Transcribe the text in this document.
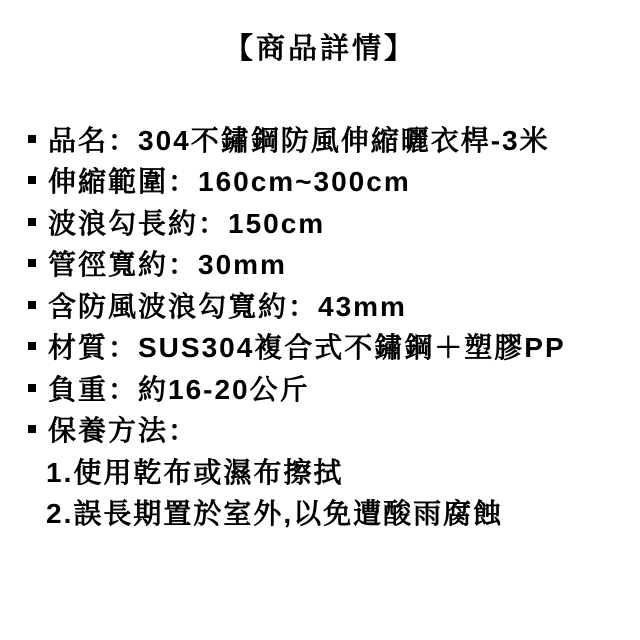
【商品詳情】
品名：304不鏽鋼防風伸縮曬衣桿-3米
伸縮範圍：160cm~300cm
波浪勾長約：150cm
管徑寬約：30mm
含防風波浪勾寬約：43mm
材質：SUS304複合式不鏽鋼＋塑膠PP
負重：約16-20公斤
保養方法：
1.使用乾布或濕布擦拭
2.誤長期置於室外,以免遭酸雨腐蝕
